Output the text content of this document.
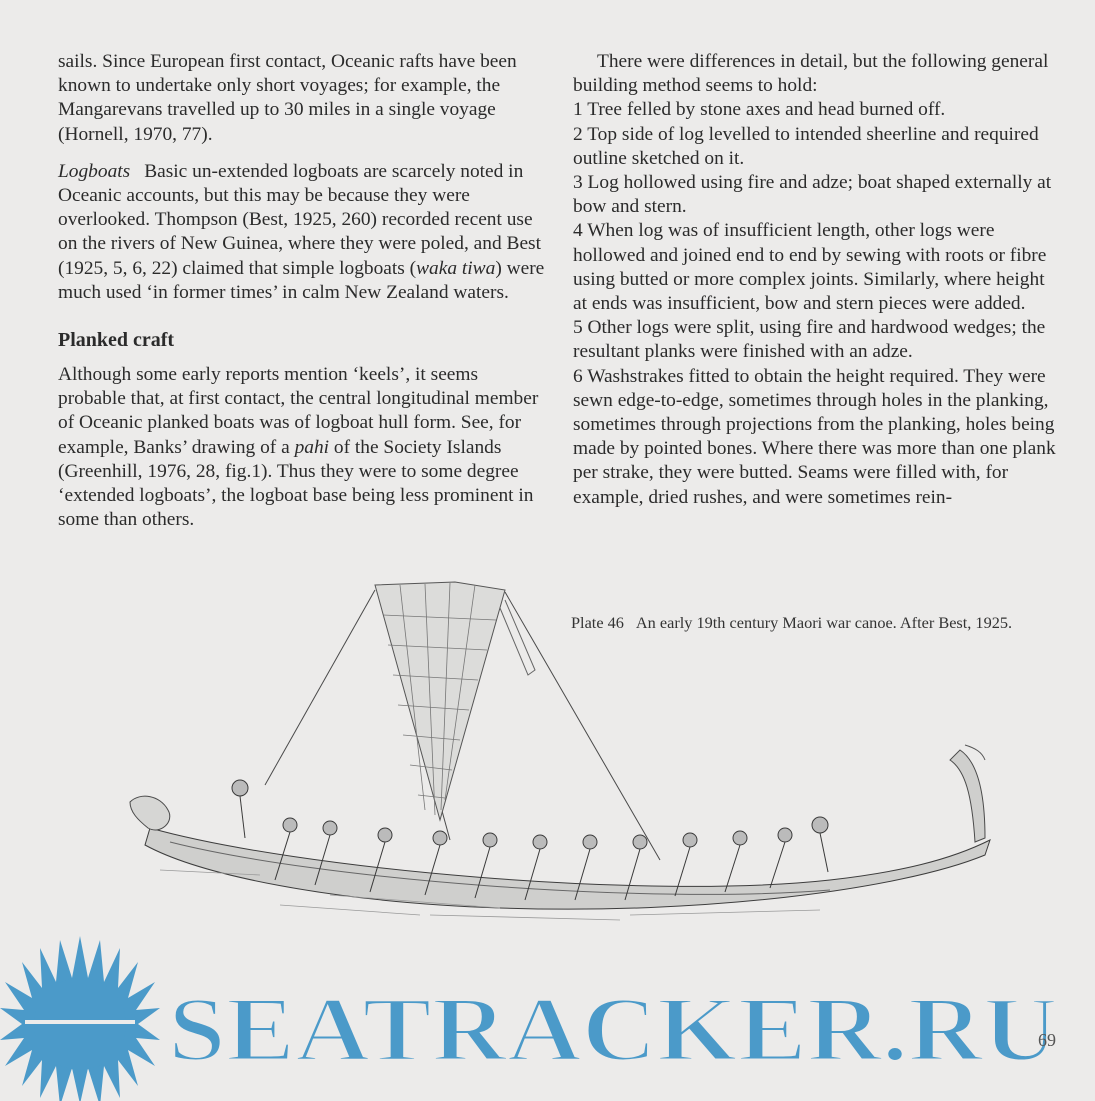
sails. Since European first contact, Oceanic rafts have been known to undertake only short voyages; for example, the Mangarevans travelled up to 30 miles in a single voyage (Hornell, 1970, 77).

Logboats Basic un-extended logboats are scarcely noted in Oceanic accounts, but this may be because they were overlooked. Thompson (Best, 1925, 260) recorded recent use on the rivers of New Guinea, where they were poled, and Best (1925, 5, 6, 22) claimed that simple logboats (waka tiwa) were much used ‘in former times’ in calm New Zealand waters.

Planked craft

Although some early reports mention ‘keels’, it seems probable that, at first contact, the central longitudinal member of Oceanic planked boats was of logboat hull form. See, for example, Banks’ drawing of a pahi of the Society Islands (Greenhill, 1976, 28, fig.1). Thus they were to some degree ‘extended logboats’, the logboat base being less prominent in some than others.

There were differences in detail, but the following general building method seems to hold:

1 Tree felled by stone axes and head burned off.

2 Top side of log levelled to intended sheerline and required outline sketched on it.

3 Log hollowed using fire and adze; boat shaped externally at bow and stern.

4 When log was of insufficient length, other logs were hollowed and joined end to end by sewing with roots or fibre using butted or more complex joints. Similarly, where height at ends was insufficient, bow and stern pieces were added.

5 Other logs were split, using fire and hardwood wedges; the resultant planks were finished with an adze.

6 Washstrakes fitted to obtain the height required. They were sewn edge-to-edge, sometimes through holes in the planking, sometimes through projections from the planking, holes being made by pointed bones. Where there was more than one plank per strake, they were butted. Seams were filled with, for example, dried rushes, and were sometimes rein-

Plate 46 An early 19th century Maori war canoe. After Best, 1925.
SEATRACKER.RU
69
